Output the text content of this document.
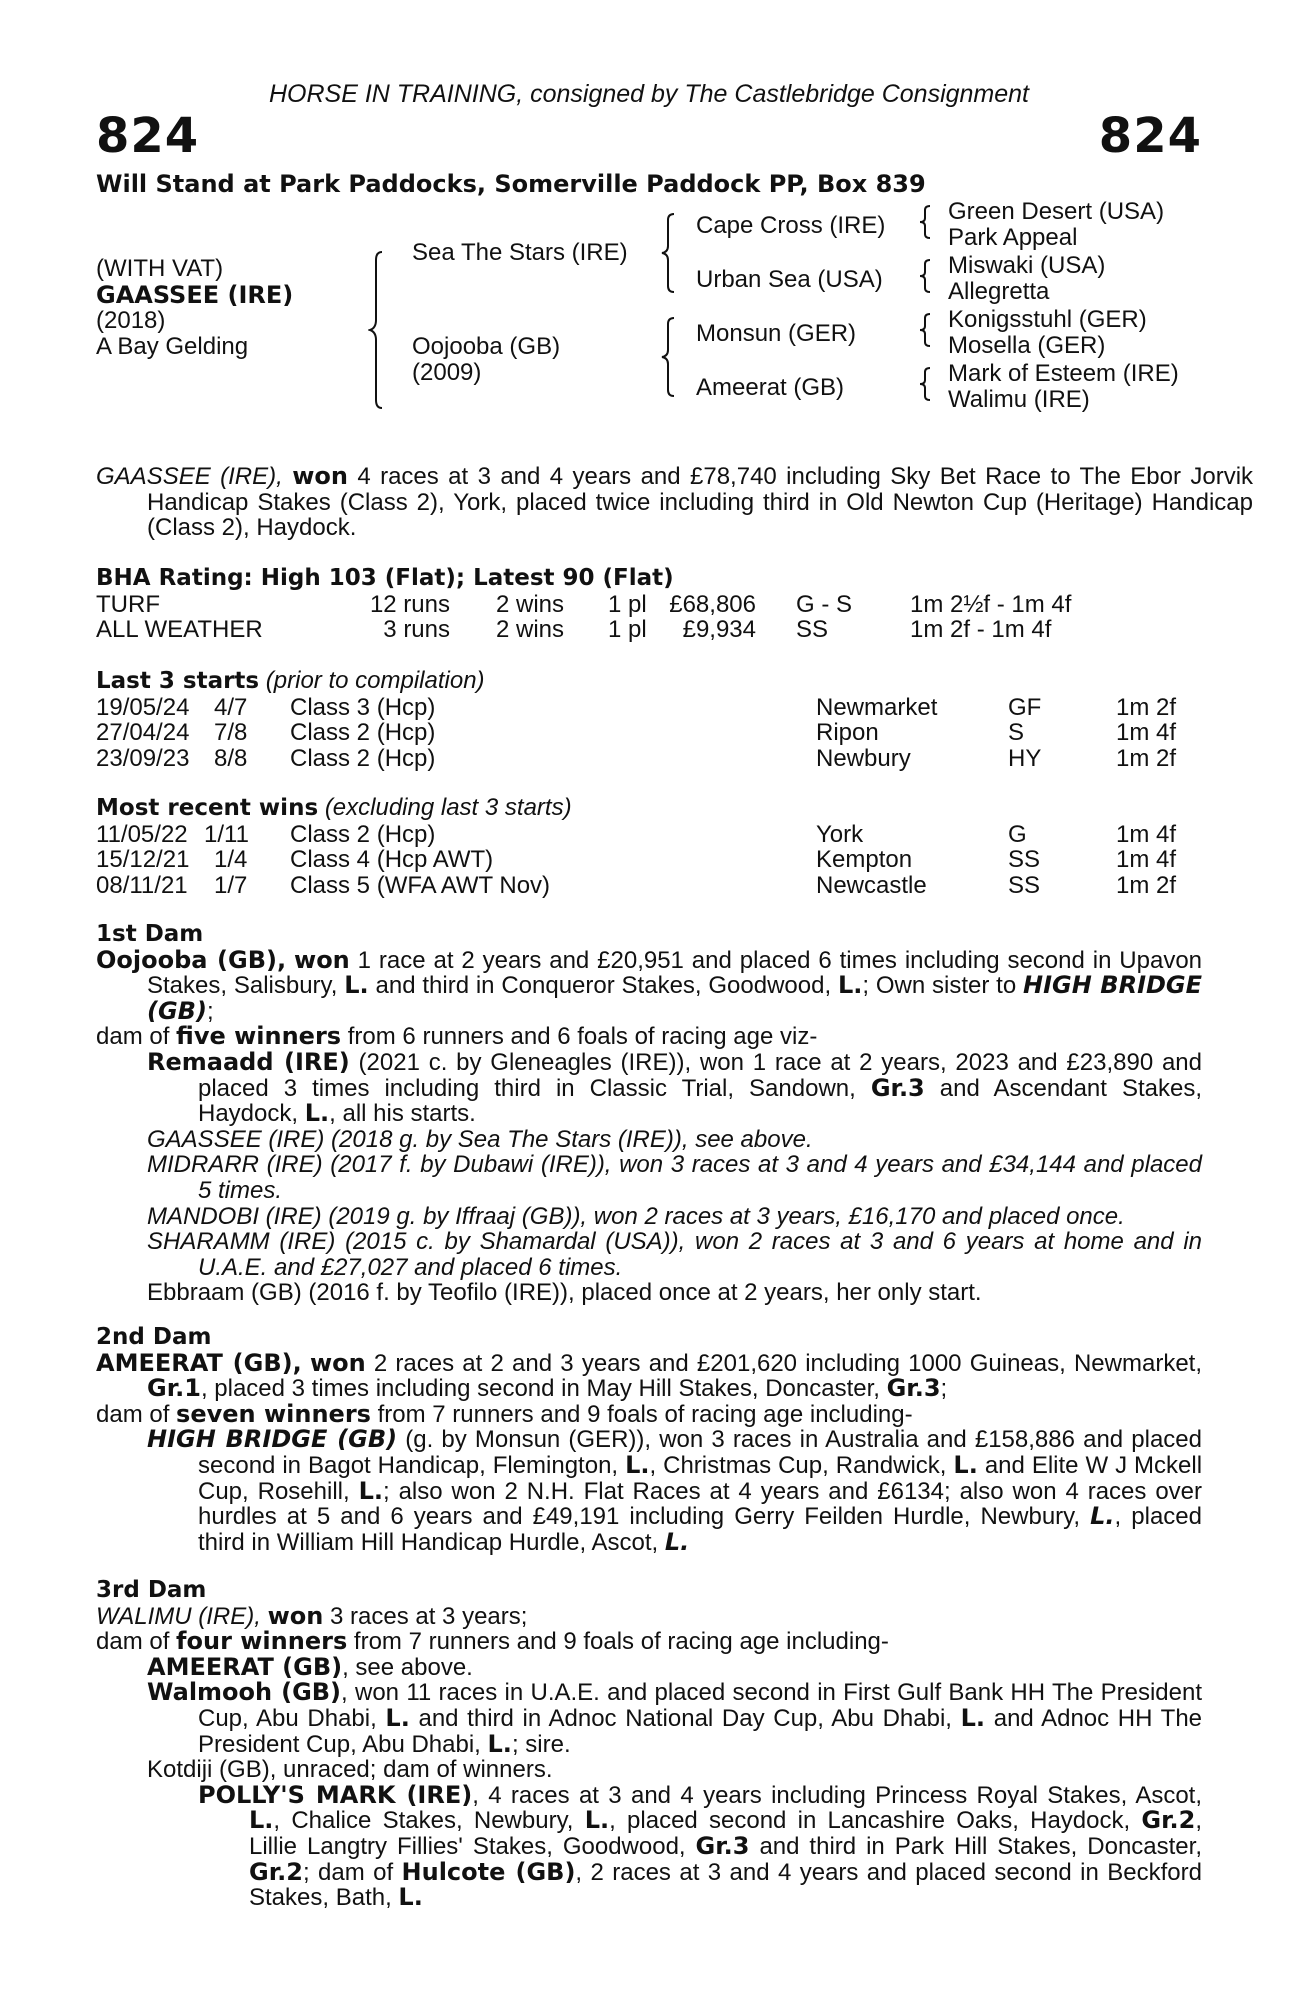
HORSE IN TRAINING, consigned by The Castlebridge Consignment
824	824
Will Stand at Park Paddocks, Somerville Paddock PP, Box 839
(WITH VAT)
GAASSEE (IRE)
(2018)
A Bay Gelding
Sea The Stars (IRE)
Oojooba (GB)
(2009)
Cape Cross (IRE)
Urban Sea (USA)
Monsun (GER)
Ameerat (GB)
Green Desert (USA)
Park Appeal
Miswaki (USA)
Allegretta
Konigsstuhl (GER)
Mosella (GER)
Mark of Esteem (IRE)
Walimu (IRE)
GAASSEE (IRE), won 4 races at 3 and 4 years and £78,740 including Sky Bet Race to The Ebor Jorvik Handicap Stakes (Class 2), York, placed twice including third in Old Newton Cup (Heritage) Handicap (Class 2), Haydock.
BHA Rating: High 103 (Flat); Latest 90 (Flat)
TURF	12 runs 2 wins 1 pl £68,806 G - S 1m 2½f - 1m 4f
ALL WEATHER	3 runs 2 wins 1 pl	£9,934 SS	1m 2f - 1m 4f
Last 3 starts (prior to compilation)
19/05/24 4/7 Class 3 (Hcp)	Newmarket	GF	1m 2f
27/04/24 7/8 Class 2 (Hcp)	Ripon	S	1m 4f
23/09/23 8/8 Class 2 (Hcp)	Newbury	HY	1m 2f
Most recent wins (excluding last 3 starts)
11/05/22 1/11 Class 2 (Hcp)	York	G	1m 4f
15/12/21 1/4 Class 4 (Hcp AWT)	Kempton	SS	1m 4f
08/11/21 1/7 Class 5 (WFA AWT Nov)	Newcastle	SS	1m 2f
1st Dam
Oojooba (GB), won 1 race at 2 years and £20,951 and placed 6 times including second in Upavon Stakes, Salisbury, L. and third in Conqueror Stakes, Goodwood, L.; Own sister to HIGH BRIDGE (GB);
dam of five winners from 6 runners and 6 foals of racing age viz-
Remaadd (IRE) (2021 c. by Gleneagles (IRE)), won 1 race at 2 years, 2023 and £23,890 and placed 3 times including third in Classic Trial, Sandown, Gr.3 and Ascendant Stakes, Haydock, L., all his starts.
GAASSEE (IRE) (2018 g. by Sea The Stars (IRE)), see above.
MIDRARR (IRE) (2017 f. by Dubawi (IRE)), won 3 races at 3 and 4 years and £34,144 and placed 5 times.
MANDOBI (IRE) (2019 g. by Iffraaj (GB)), won 2 races at 3 years, £16,170 and placed once.
SHARAMM (IRE) (2015 c. by Shamardal (USA)), won 2 races at 3 and 6 years at home and in U.A.E. and £27,027 and placed 6 times.
Ebbraam (GB) (2016 f. by Teofilo (IRE)), placed once at 2 years, her only start.
2nd Dam
AMEERAT (GB), won 2 races at 2 and 3 years and £201,620 including 1000 Guineas, Newmarket, Gr.1, placed 3 times including second in May Hill Stakes, Doncaster, Gr.3;
dam of seven winners from 7 runners and 9 foals of racing age including-
HIGH BRIDGE (GB) (g. by Monsun (GER)), won 3 races in Australia and £158,886 and placed second in Bagot Handicap, Flemington, L., Christmas Cup, Randwick, L. and Elite W J Mckell Cup, Rosehill, L.; also won 2 N.H. Flat Races at 4 years and £6134; also won 4 races over hurdles at 5 and 6 years and £49,191 including Gerry Feilden Hurdle, Newbury, L., placed third in William Hill Handicap Hurdle, Ascot, L.
3rd Dam
WALIMU (IRE), won 3 races at 3 years;
dam of four winners from 7 runners and 9 foals of racing age including-
AMEERAT (GB), see above.
Walmooh (GB), won 11 races in U.A.E. and placed second in First Gulf Bank HH The President Cup, Abu Dhabi, L. and third in Adnoc National Day Cup, Abu Dhabi, L. and Adnoc HH The President Cup, Abu Dhabi, L.; sire.
Kotdiji (GB), unraced; dam of winners.
POLLY'S MARK (IRE), 4 races at 3 and 4 years including Princess Royal Stakes, Ascot, L., Chalice Stakes, Newbury, L., placed second in Lancashire Oaks, Haydock, Gr.2, Lillie Langtry Fillies' Stakes, Goodwood, Gr.3 and third in Park Hill Stakes, Doncaster, Gr.2; dam of Hulcote (GB), 2 races at 3 and 4 years and placed second in Beckford Stakes, Bath, L.
